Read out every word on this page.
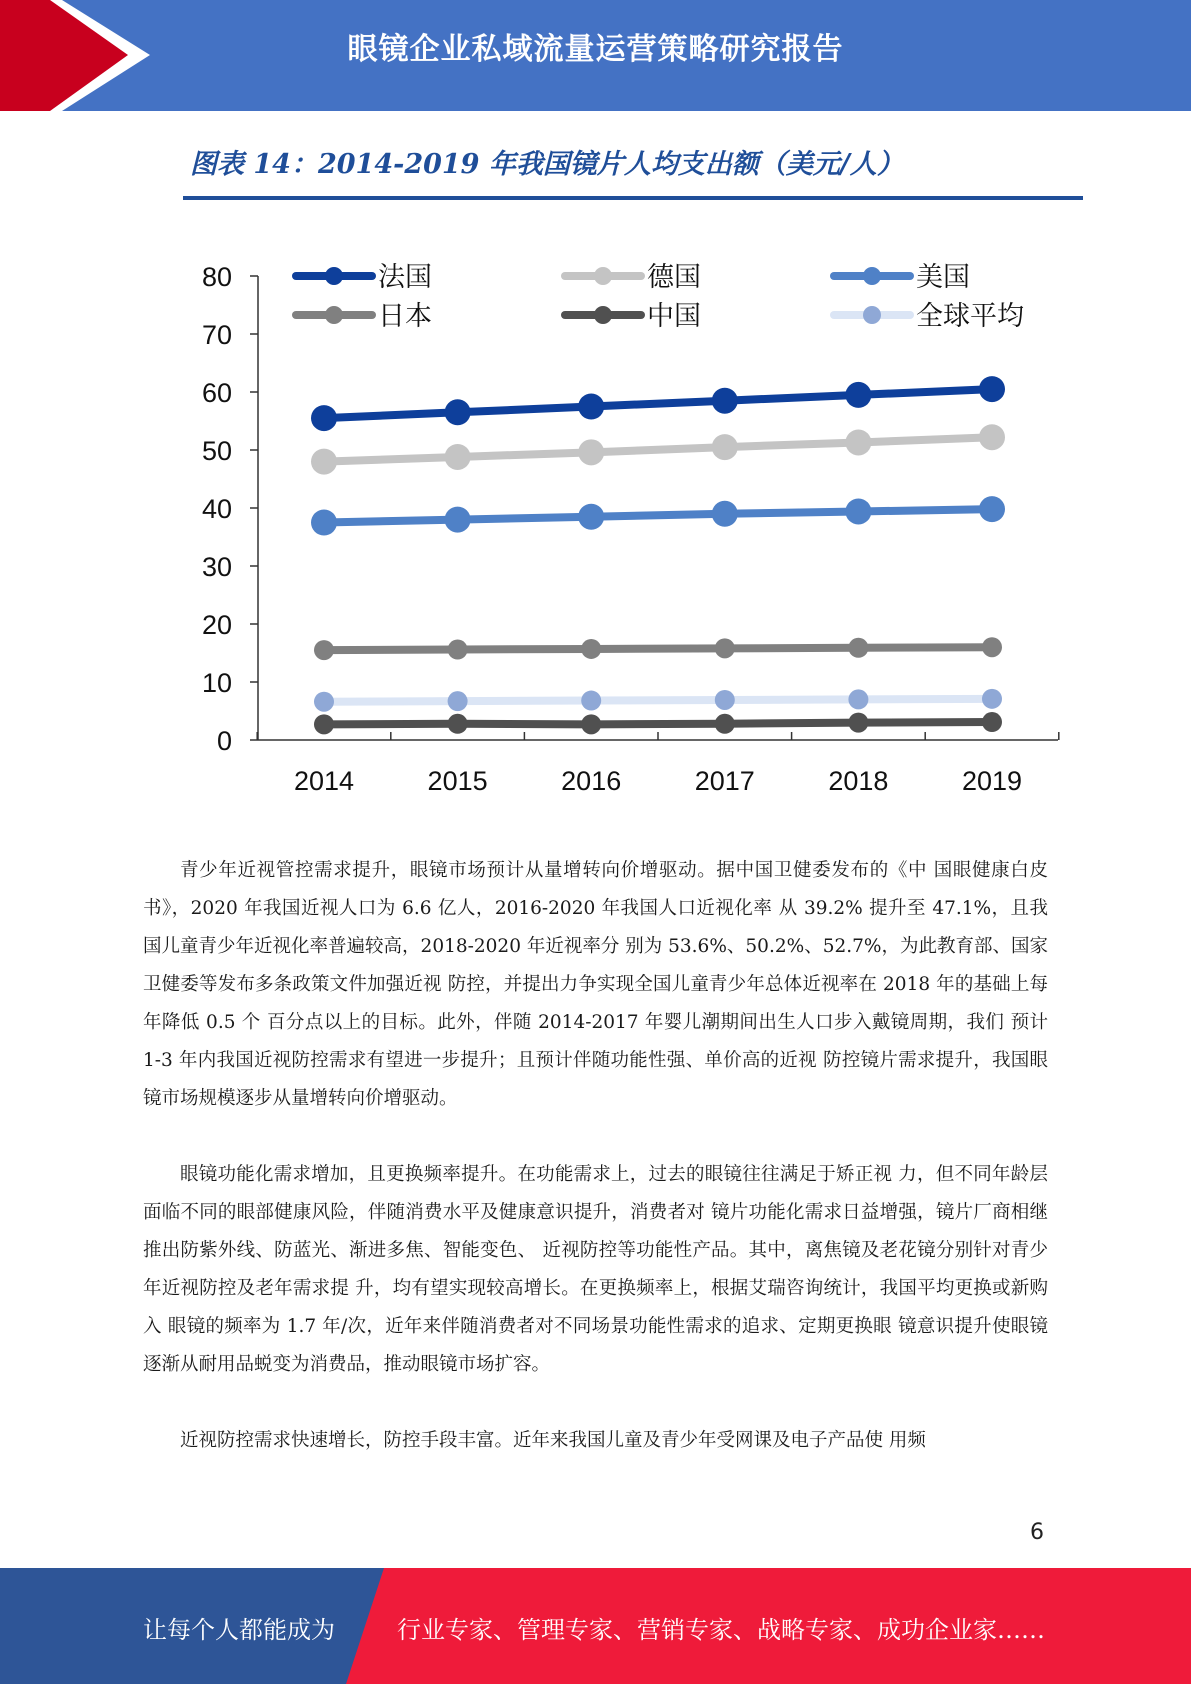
眼镜企业私域流量运营策略研究报告
图表 14：2014-2019 年我国镜片人均支出额（美元/人）
0
10
20
30
40
50
60
70
80
2014	2015	2016	2017	2018	2019
法国	德国	美国
日本	中国	全球平均

青少年近视管控需求提升，眼镜市场预计从量增转向价增驱动。据中国卫健委发布的《中 国眼健康白皮书》，2020 年我国近视人口为 6.6 亿人，2016-2020 年我国人口近视化率 从 39.2% 提升至 47.1%，且我国儿童青少年近视化率普遍较高，2018-2020 年近视率分 别为 53.6%、50.2%、52.7%，为此教育部、国家卫健委等发布多条政策文件加强近视 防控，并提出力争实现全国儿童青少年总体近视率在 2018 年的基础上每年降低 0.5 个 百分点以上的目标。此外，伴随 2014-2017 年婴儿潮期间出生人口步入戴镜周期，我们 预计 1-3 年内我国近视防控需求有望进一步提升；且预计伴随功能性强、单价高的近视 防控镜片需求提升，我国眼镜市场规模逐步从量增转向价增驱动。

眼镜功能化需求增加，且更换频率提升。在功能需求上，过去的眼镜往往满足于矫正视 力，但不同年龄层面临不同的眼部健康风险，伴随消费水平及健康意识提升，消费者对 镜片功能化需求日益增强，镜片厂商相继推出防紫外线、防蓝光、渐进多焦、智能变色、 近视防控等功能性产品。其中，离焦镜及老花镜分别针对青少年近视防控及老年需求提 升，均有望实现较高增长。在更换频率上，根据艾瑞咨询统计，我国平均更换或新购入 眼镜的频率为 1.7 年/次，近年来伴随消费者对不同场景功能性需求的追求、定期更换眼 镜意识提升使眼镜逐渐从耐用品蜕变为消费品，推动眼镜市场扩容。

近视防控需求快速增长，防控手段丰富。近年来我国儿童及青少年受网课及电子产品使 用频

6
让每个人都能成为	行业专家、管理专家、营销专家、战略专家、成功企业家……
